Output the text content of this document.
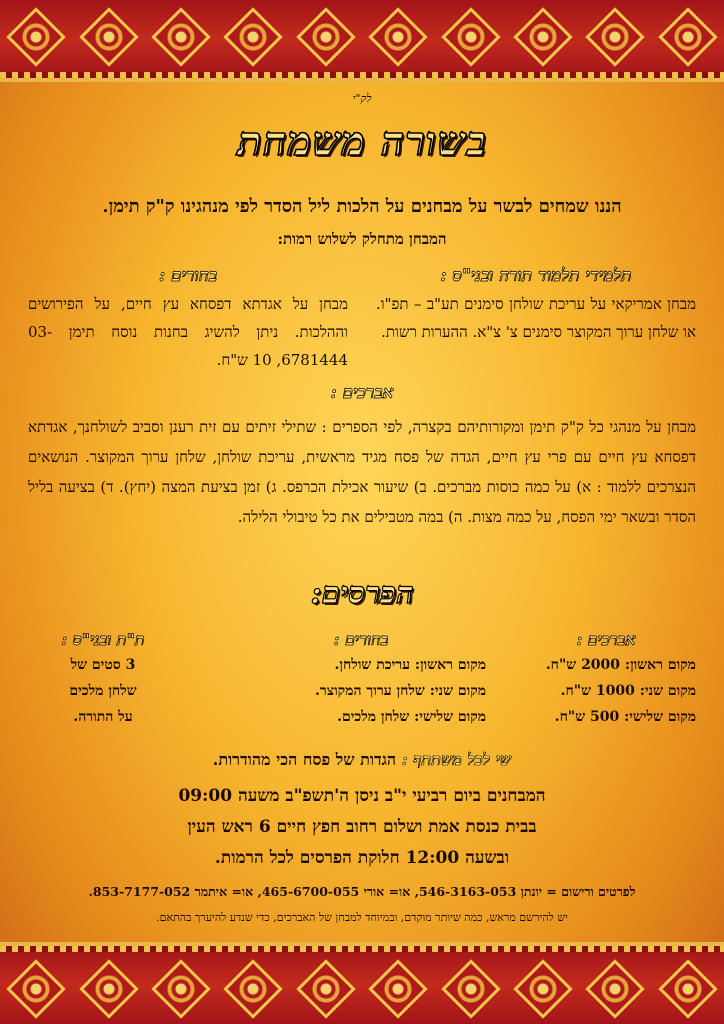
לק"י
בשורה משמחת
הננו שמחים לבשר על מבחנים על הלכות ליל הסדר לפי מנהגינו ק"ק תימן.
המבחן מתחלק לשלוש רמות:
תלמידי תלמוד תורה ובני"ס :

מבחן אמריקאי על עריכת שולחן סימנים תע"ב – תפ"ו. או שלחן ערוך המקוצר סימנים צ' צ"א. ההערות רשות.

בחורים :

מבחן על אגדתא דפסחא עץ חיים, על הפירושים וההלכות. ניתן להשיג בחנות נוסח תימן 03-6781444, 10 ש"ח.

אברכים :

מבחן על מנהגי כל ק"ק תימן ומקורותיהם בקצרה, לפי הספרים : שתילי זיתים עם זית רענן וסביב לשולחנך, אגדתא דפסחא עץ חיים עם פרי עץ חיים, הגדה של פסח מגיד מראשית, עריכת שולחן, שלחן ערוך המקוצר. הנושאים הנצרכים ללמוד : א) על כמה כוסות מברכים. ב) שיעור אכילת הכרפס. ג) זמן בציעת המצה (יחץ). ד) בציעה בליל הסדר ובשאר ימי הפסח, על כמה מצות. ה) במה מטבילים את כל טיבולי הלילה.

הפרסים:
אברכים :
מקום ראשון: 2000 ש"ח.
מקום שני: 1000 ש"ח.
מקום שלישי: 500 ש"ח.
בחורים :
מקום ראשון: עריכת שולחן.
מקום שני: שלחן ערוך המקוצר.
מקום שלישי: שלחן מלכים.
ת"ת ובני"ס :
3 סטים של
שלחן מלכים
על התורה.
שי לכל משתתף : הגדות של פסח הכי מהודרות.
המבחנים ביום רביעי י"ב ניסן ה'תשפ"ב משעה 09:00
בבית כנסת אמת ושלום רחוב חפץ חיים 6 ראש העין
ובשעה 12:00 חלוקת הפרסים לכל הרמות.
לפרטים ורישום = יונתן 546-3163-053, או= אורי 465-6700-055, או= איתמר 853-7177-052.
יש להירשם מראש, כמה שיותר מוקדם, ובמיוחד למבחן של האברכים, כדי שנדע להיערך בהתאם.
